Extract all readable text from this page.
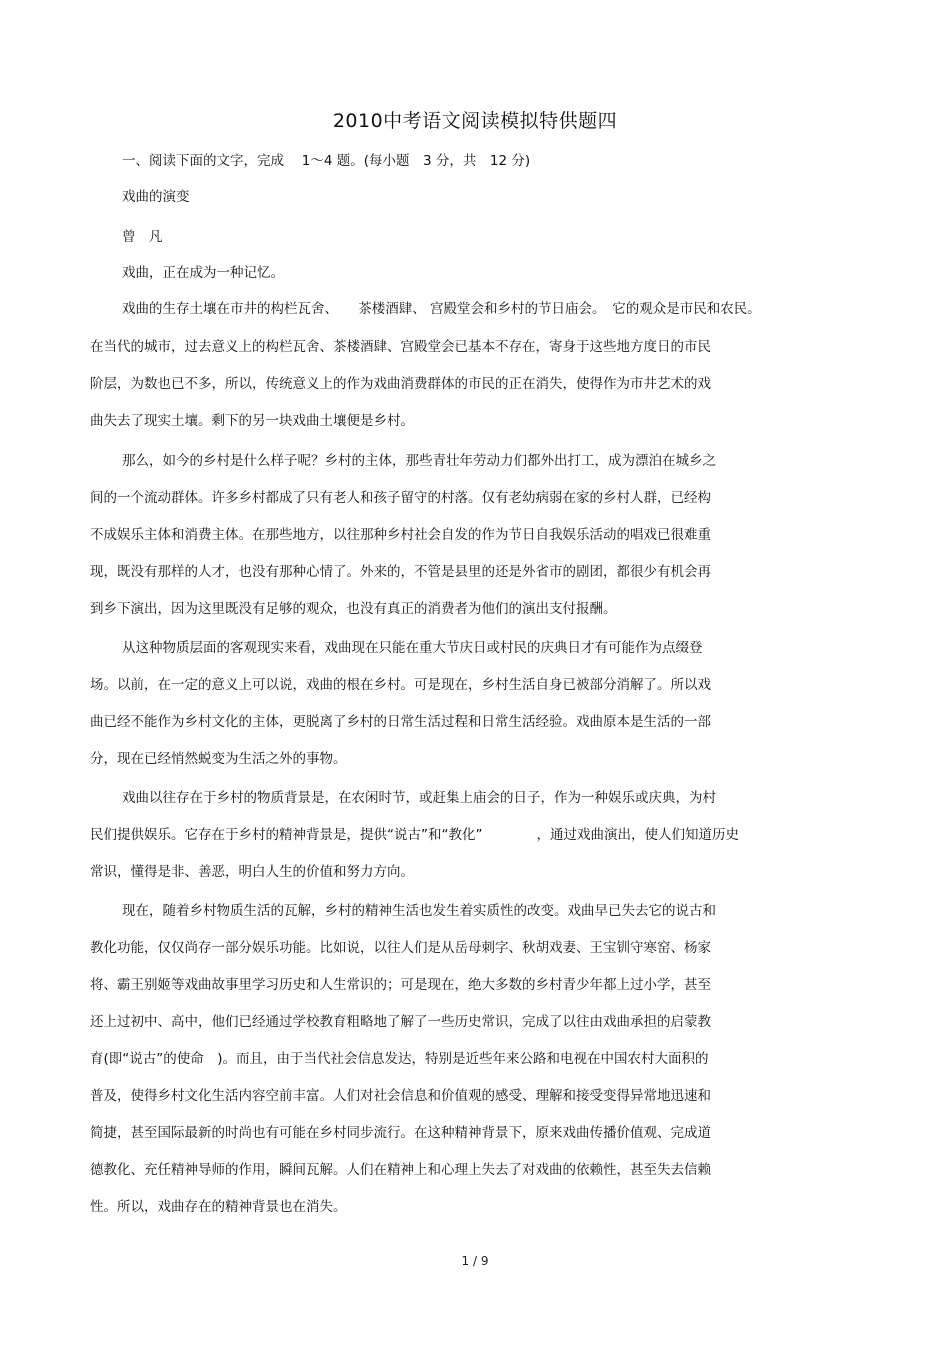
2010中考语文阅读模拟特供题四
一、阅读下面的文字，完成　 1～4 题。(每小题　3 分，共　12 分)
戏曲的演变
曾　凡
戏曲，正在成为一种记忆。
戏曲的生存土壤在市井的构栏瓦舍、　　茶楼酒肆、 宫殿堂会和乡村的节日庙会。　它的观众是市民和农民。
在当代的城市，过去意义上的构栏瓦舍、茶楼酒肆、宫殿堂会已基本不存在，寄身于这些地方度日的市民
阶层，为数也已不多，所以，传统意义上的作为戏曲消费群体的市民的正在消失，使得作为市井艺术的戏
曲失去了现实土壤。剩下的另一块戏曲土壤便是乡村。
那么，如今的乡村是什么样子呢？乡村的主体，那些青壮年劳动力们都外出打工，成为漂泊在城乡之
间的一个流动群体。许多乡村都成了只有老人和孩子留守的村落。仅有老幼病弱在家的乡村人群，已经构
不成娱乐主体和消费主体。在那些地方，以往那种乡村社会自发的作为节日自我娱乐活动的唱戏已很难重
现，既没有那样的人才，也没有那种心情了。外来的，不管是县里的还是外省市的剧团，都很少有机会再
到乡下演出，因为这里既没有足够的观众，也没有真正的消费者为他们的演出支付报酬。
从这种物质层面的客观现实来看，戏曲现在只能在重大节庆日或村民的庆典日才有可能作为点缀登
场。以前，在一定的意义上可以说，戏曲的根在乡村。可是现在，乡村生活自身已被部分消解了。所以戏
曲已经不能作为乡村文化的主体，更脱离了乡村的日常生活过程和日常生活经验。戏曲原本是生活的一部
分，现在已经悄然蜕变为生活之外的事物。
戏曲以往存在于乡村的物质背景是，在农闲时节，或赶集上庙会的日子，作为一种娱乐或庆典，为村
民们提供娱乐。它存在于乡村的精神背景是，提供“说古”和“教化”　　　　，通过戏曲演出，使人们知道历史
常识，懂得是非、善恶，明白人生的价值和努力方向。
现在，随着乡村物质生活的瓦解，乡村的精神生活也发生着实质性的改变。戏曲早已失去它的说古和
教化功能，仅仅尚存一部分娱乐功能。比如说，以往人们是从岳母刺字、秋胡戏妻、王宝钏守寒窑、杨家
将、霸王别姬等戏曲故事里学习历史和人生常识的；可是现在，绝大多数的乡村青少年都上过小学，甚至
还上过初中、高中，他们已经通过学校教育粗略地了解了一些历史常识，完成了以往由戏曲承担的启蒙教
育(即“说古”的使命　)。而且，由于当代社会信息发达，特别是近些年来公路和电视在中国农村大面积的
普及，使得乡村文化生活内容空前丰富。人们对社会信息和价值观的感受、理解和接受变得异常地迅速和
简捷，甚至国际最新的时尚也有可能在乡村同步流行。在这种精神背景下，原来戏曲传播价值观、完成道
德教化、充任精神导师的作用，瞬间瓦解。人们在精神上和心理上失去了对戏曲的依赖性，甚至失去信赖
性。所以，戏曲存在的精神背景也在消失。
1 / 9
